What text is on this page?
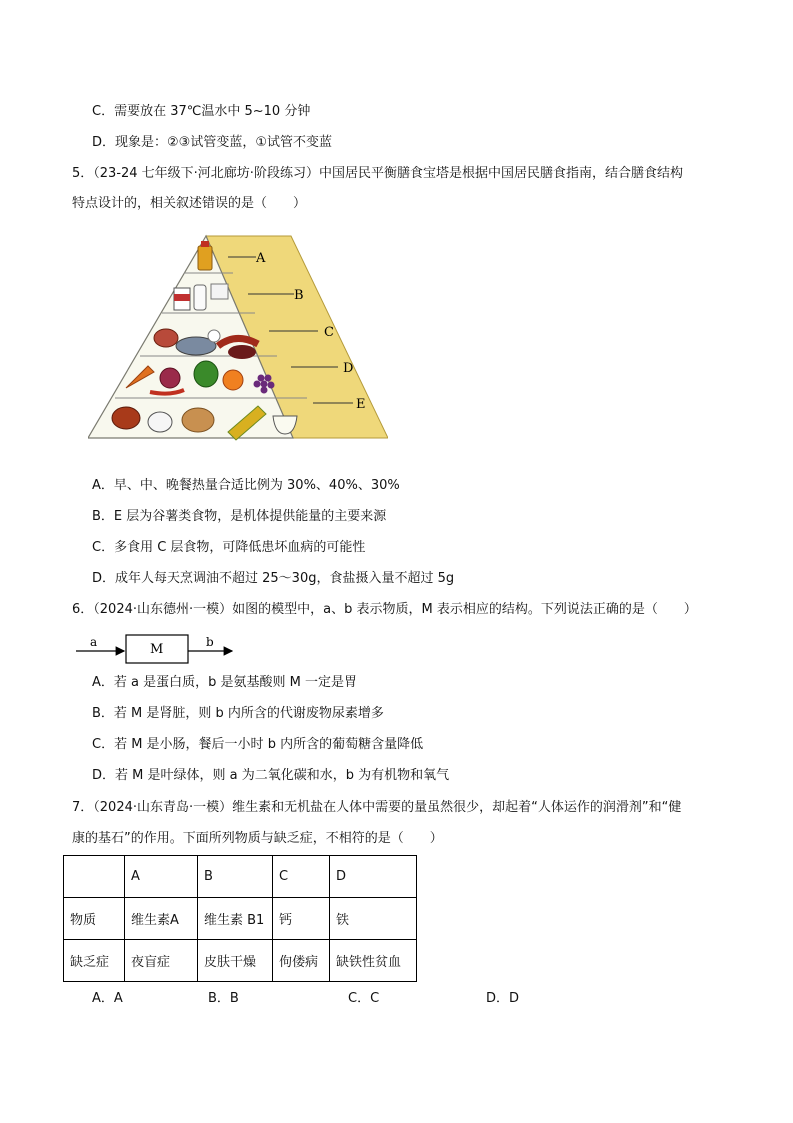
C．需要放在 37℃温水中 5~10 分钟
D．现象是：②③试管变蓝，①试管不变蓝
5．（23-24 七年级下·河北廊坊·阶段练习）中国居民平衡膳食宝塔是根据中国居民膳食指南，结合膳食结构
特点设计的，相关叙述错误的是（　　）
A
B
C
D
E
A．早、中、晚餐热量合适比例为 30%、40%、30%
B．E 层为谷薯类食物，是机体提供能量的主要来源
C．多食用 C 层食物，可降低患坏血病的可能性
D．成年人每天烹调油不超过 25～30g，食盐摄入量不超过 5g
6．（2024·山东德州·一模）如图的模型中，a、b 表示物质，M 表示相应的结构。下列说法正确的是（　　）
a	M	b
A．若 a 是蛋白质，b 是氨基酸则 M 一定是胃
B．若 M 是肾脏，则 b 内所含的代谢废物尿素增多
C．若 M 是小肠，餐后一小时 b 内所含的葡萄糖含量降低
D．若 M 是叶绿体，则 a 为二氧化碳和水，b 为有机物和氧气
7．（2024·山东青岛·一模）维生素和无机盐在人体中需要的量虽然很少，却起着“人体运作的润滑剂”和“健
康的基石”的作用。下面所列物质与缺乏症，不相符的是（　　）
	A	B	C	D
物质	维生素A	维生素 B1	钙	铁
缺乏症	夜盲症	皮肤干燥	佝偻病	缺铁性贫血
A．A	B．B	C．C	D．D
